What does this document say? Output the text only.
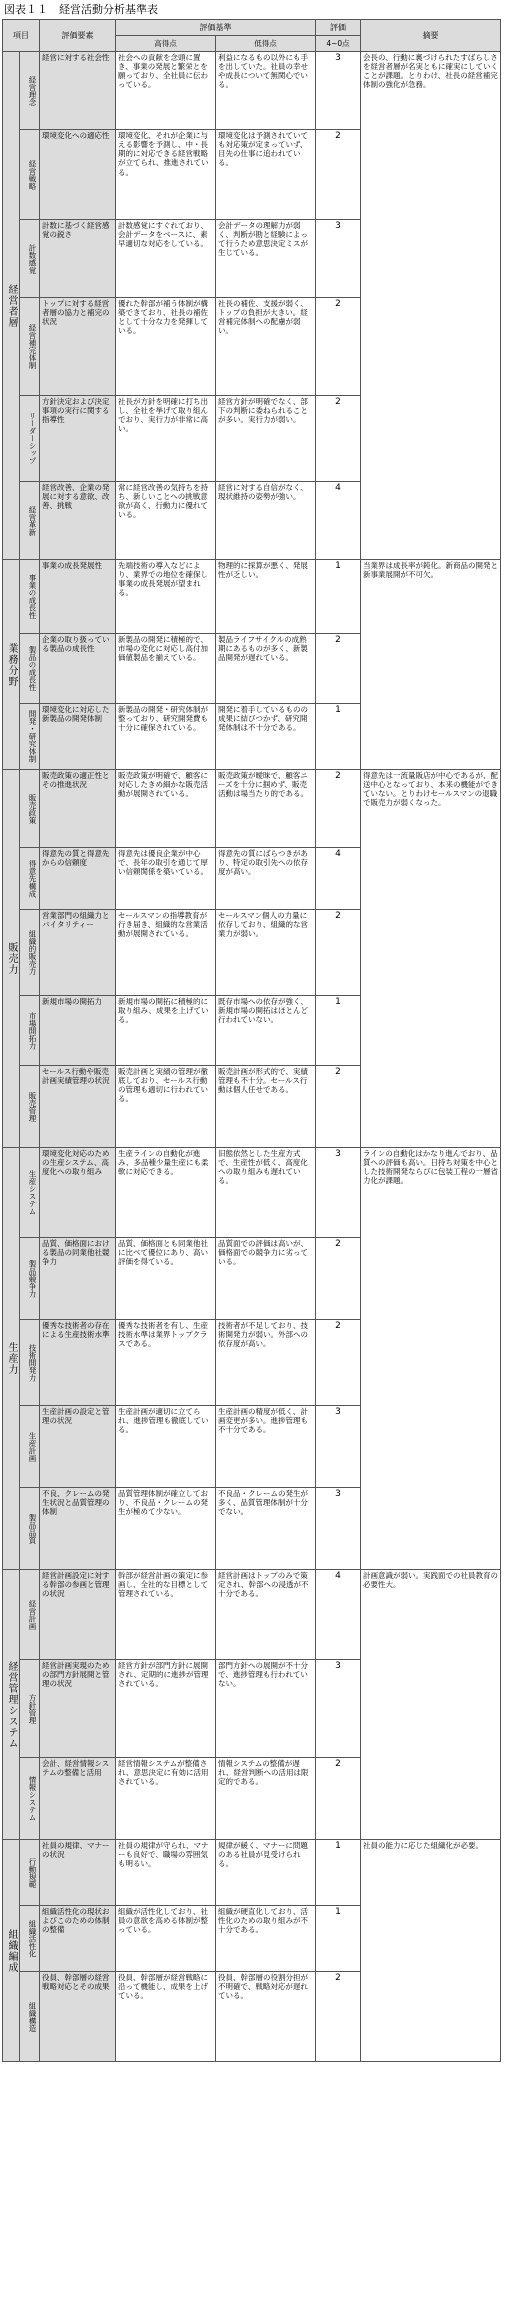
図表１１　経営活動分析基準表
項目		評価要素	評価基準		評価	摘要
			高得点	低得点	4~0点	
経営者層	経営理念	経営に対する社会性	社会への貢献を念頭に置き、事業の発展と繁栄とを願っており、全社員に伝わっている。	利益になるもの以外にも手を出していた。社員の幸せや成長について無関心でいる。	3	会長の、行動に裏づけられたすばらしさを経営者層が名実ともに確実にしていくことが課題。とりわけ、社長の経営補完体制の強化が急務。
	経営戦略	環境変化への適応性	環境変化、それが企業に与える影響を予測し、中・長期的に対応できる経営戦略が立てられ、推進されている。	環境変化は予測されていても対応策が定まっていず、目先の仕事に追われている。	2	
	計数感覚	計数に基づく経営感覚の鋭さ	計数感覚にすぐれており、会計データをベースに、素早適切な対応をしている。	会計データの理解力が弱く、判断が勘と経験によって行うため意思決定ミスが生じている。	3	
	経営補完体制	トップに対する経営者層の協力と補完の状況	優れた幹部が補う体制が構築できており、社長の補佐として十分な力を発揮している。	社長の補佐、支援が弱く、トップの負担が大きい。経営補完体制への配慮が弱い。	2	
	リーダーシップ	方針決定および決定事項の実行に関する指導性	社長が方針を明確に打ち出し、全社を挙げて取り組んでおり、実行力が非常に高い。	経営方針が明確でなく、部下の判断に委ねられることが多い。実行力が弱い。	2	
	経営革新	経営改善、企業の発展に対する意欲、改善、挑戦	常に経営改善の気持ちを持ち、新しいことへの挑戦意欲が高く、行動力に優れている。	経営に対する自信がなく、現状維持の姿勢が強い。	4	
業務分野	事業の成長性	事業の成長発展性	先端技術の導入などにより、業界での地位を確保し事業の成長発展が望まれる。	物理的に採算が悪く、発展性が乏しい。	1	当業界は成長率が鈍化。新商品の開発と新事業展開が不可欠。
	製品の成長性	企業の取り扱っている製品の成長性	新製品の開発に積極的で、市場の変化に対応し高付加価値製品を揃えている。	製品ライフサイクルの成熟期にあるものが多く、新製品開発が遅れている。	2	
	開発・研究体制	環境変化に対応した新製品の開発体制	新製品の開発・研究体制が整っており、研究開発費も十分に確保されている。	開発に着手しているものの成果に結びつかず、研究開発体制は不十分である。	1	
販売力	販売政策	販売政策の適正性とその推進状況	販売政策が明確で、顧客に対応したきめ細かな販売活動が展開されている。	販売政策が曖昧で、顧客ニーズを十分に掴めず、販売活動は場当たり的である。	2	得意先は一流量販店が中心であるが、配送中心となっており、本来の機能ができていない。とりわけセールスマンの退職で販売力が弱くなった。
	得意先構成	得意先の質と得意先からの信頼度	得意先は優良企業が中心で、長年の取引を通じて厚い信頼関係を築いている。	得意先の質にばらつきがあり、特定の取引先への依存度が高い。	4	
	組織的販売力	営業部門の組織力とバイタリティー	セールスマンの指導教育が行き届き、組織的な営業活動が展開されている。	セールスマン個人の力量に依存しており、組織的な営業力が弱い。	2	
	市場開拓力	新規市場の開拓力	新規市場の開拓に積極的に取り組み、成果を上げている。	既存市場への依存が強く、新規市場の開拓はほとんど行われていない。	1	
	販売管理	セールス行動や販売計画実績管理の状況	販売計画と実績の管理が徹底しており、セールス行動の管理も適切に行われている。	販売計画が形式的で、実績管理も不十分。セールス行動は個人任せである。	2	
生産力	生産システム	環境変化対応のための生産システム、高度化への取り組み	生産ラインの自動化が進み、多品種少量生産にも柔軟に対応できる。	旧態依然とした生産方式で、生産性が低く、高度化への取り組みも遅れている。	3	ラインの自動化はかなり進んでおり、品質への評価も高い。日持ち対策を中心とした技術開発ならびに包装工程の一層省力化が課題。
	製品競争力	品質、価格面における製品の同業他社競争力	品質、価格面とも同業他社に比べて優位にあり、高い評価を得ている。	品質面での評価は高いが、価格面での競争力に劣っている。	2	
	技術開発力	優秀な技術者の存在による生産技術水準	優秀な技術者を有し、生産技術水準は業界トップクラスである。	技術者が不足しており、技術開発力が弱い。外部への依存度が高い。	2	
	生産計画	生産計画の設定と管理の状況	生産計画が適切に立てられ、進捗管理も徹底している。	生産計画の精度が低く、計画変更が多い。進捗管理も不十分である。	3	
	製品品質	不良、クレームの発生状況と品質管理の体制	品質管理体制が確立しており、不良品・クレームの発生が極めて少ない。	不良品・クレームの発生が多く、品質管理体制が十分でない。	3	
経営管理システム	経営計画	経営計画設定に対する幹部の参画と管理の状況	幹部が経営計画の策定に参画し、全社的な目標として管理されている。	経営計画はトップのみで策定され、幹部への浸透が不十分である。	4	計画意識が弱い。実践面での社員教育の必要性大。
	方針管理	経営計画実現のための部門方針展開と管理の状況	経営方針が部門方針に展開され、定期的に進捗が管理されている。	部門方針への展開が不十分で、進捗管理も行われていない。	3	
	情報システム	会計、経営情報システムの整備と活用	経営情報システムが整備され、意思決定に有効に活用されている。	情報システムの整備が遅れ、経営判断への活用は限定的である。	2	
組織編成	行動規範	社員の規律、マナーの状況	社員の規律が守られ、マナーも良好で、職場の雰囲気も明るい。	規律が緩く、マナーに問題のある社員が見受けられる。	1	社員の能力に応じた組織化が必要。
	組織活性化	組織活性化の現状およびこのための体制の整備	組織が活性化しており、社員の意欲を高める体制が整っている。	組織が硬直化しており、活性化のための取り組みが不十分である。	1	
	組織構造	役員、幹部層の経営戦略対応とその成果	役員、幹部層が経営戦略に沿って機能し、成果を上げている。	役員、幹部層の役割分担が不明確で、戦略対応が遅れている。	2	
